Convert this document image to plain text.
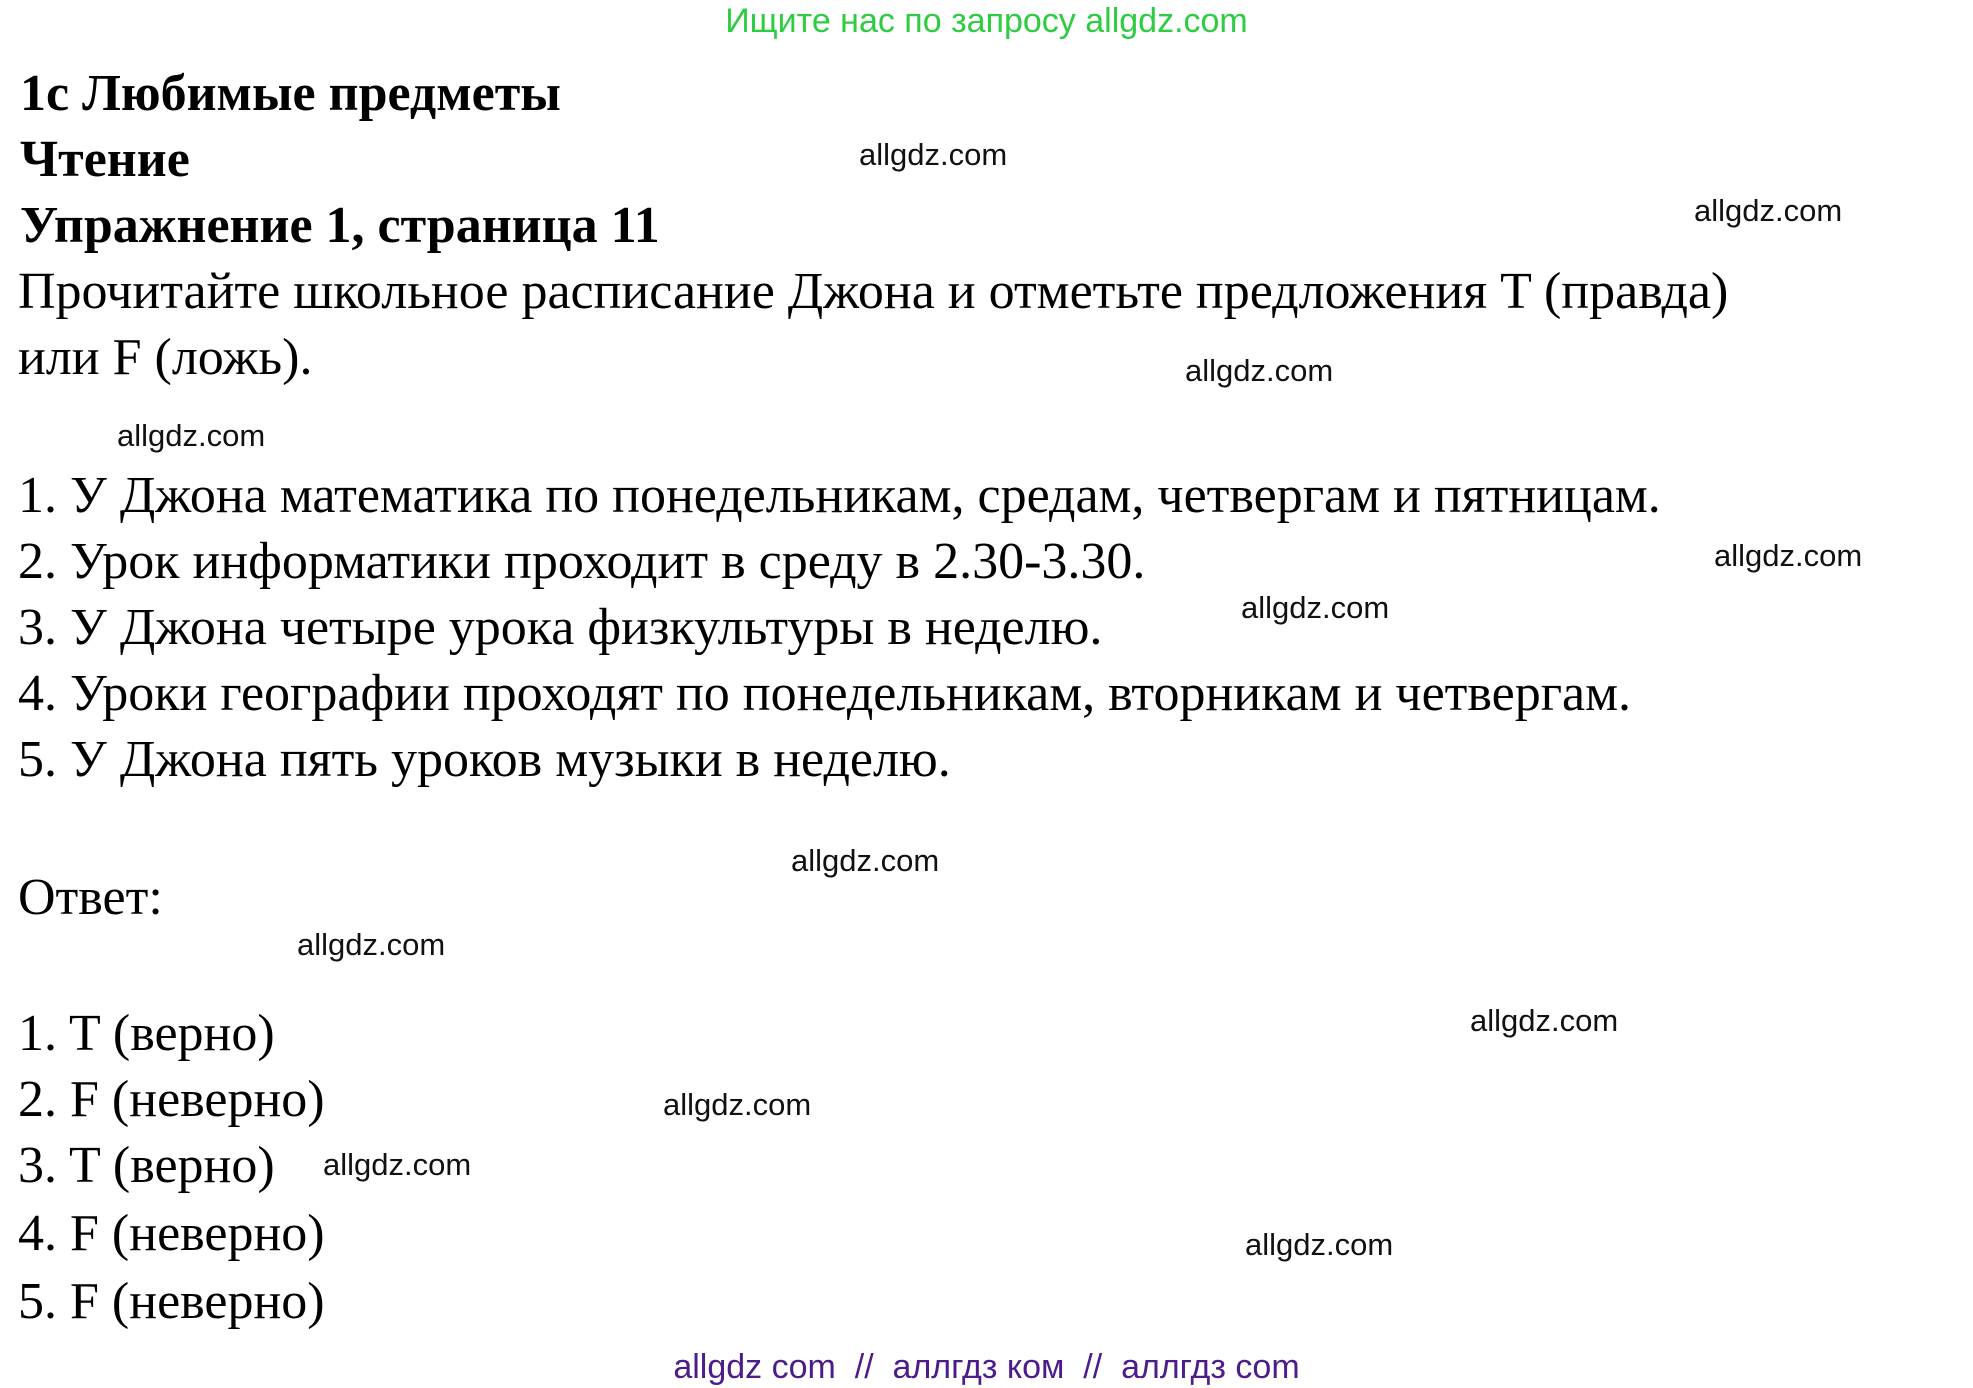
Ищите нас по запросу allgdz.com
1с Любимые предметы
Чтение
Упражнение 1, страница 11
Прочитайте школьное расписание Джона и отметьте предложения T (правда)
или F (ложь).
1. У Джона математика по понедельникам, средам, четвергам и пятницам.
2. Урок информатики проходит в среду в 2.30-3.30.
3. У Джона четыре урока физкультуры в неделю.
4. Уроки географии проходят по понедельникам, вторникам и четвергам.
5. У Джона пять уроков музыки в неделю.
Ответ:
1. T (верно)
2. F (неверно)
3. T (верно)
4. F (неверно)
5. F (неверно)
allgdz.com
allgdz.com
allgdz.com
allgdz.com
allgdz.com
allgdz.com
allgdz.com
allgdz.com
allgdz.com
allgdz.com
allgdz.com
allgdz.com
allgdz com  //  аллгдз ком  //  аллгдз com
